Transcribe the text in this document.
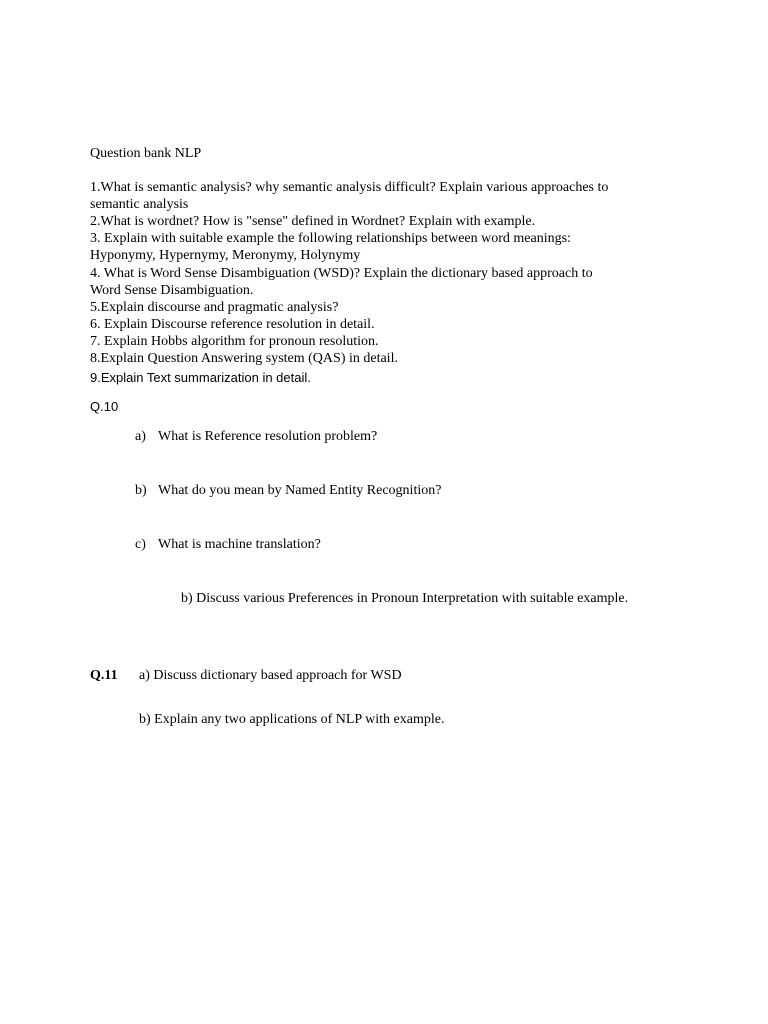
Question bank NLP
1.What is semantic analysis? why semantic analysis difficult? Explain various approaches to
semantic analysis
2.What is wordnet? How is "sense" defined in Wordnet? Explain with example.
3. Explain with suitable example the following relationships between word meanings:
Hyponymy, Hypernymy, Meronymy, Holynymy
4. What is Word Sense Disambiguation (WSD)? Explain the dictionary based approach to
Word Sense Disambiguation.
5.Explain discourse and pragmatic analysis?
6. Explain Discourse reference resolution in detail.
7. Explain Hobbs algorithm for pronoun resolution.
8.Explain Question Answering system (QAS) in detail.
9.Explain Text summarization in detail.
Q.10
a) What is Reference resolution problem?
b) What do you mean by Named Entity Recognition?
c) What is machine translation?
b) Discuss various Preferences in Pronoun Interpretation with suitable example.
Q.11 a) Discuss dictionary based approach for WSD
b) Explain any two applications of NLP with example.
